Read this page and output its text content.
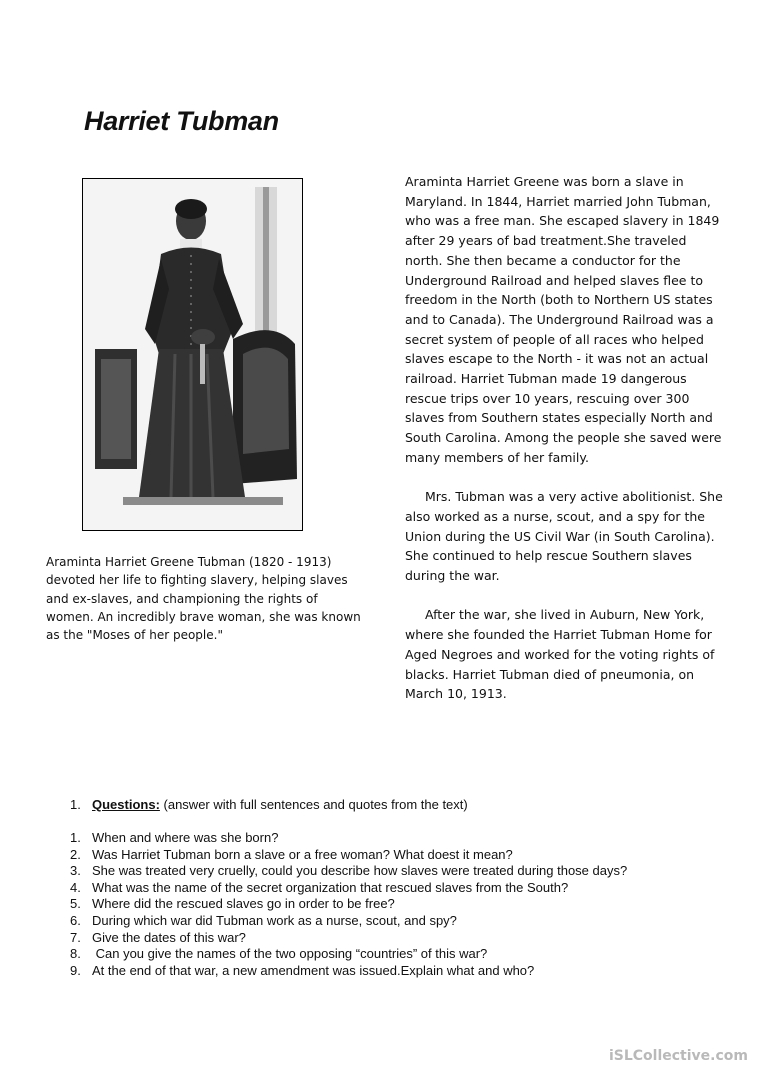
Harriet Tubman
Araminta Harriet Greene Tubman (1820 - 1913) devoted her life to fighting slavery, helping slaves and ex-slaves, and championing the rights of women. An incredibly brave woman, she was known as the "Moses of her people."

Araminta Harriet Greene was born a slave in Maryland. In 1844, Harriet married John Tubman, who was a free man. She escaped slavery in 1849 after 29 years of bad treatment.She traveled north. She then became a conductor for the Underground Railroad and helped slaves flee to freedom in the North (both to Northern US states and to Canada). The Underground Railroad was a secret system of people of all races who helped slaves escape to the North - it was not an actual railroad. Harriet Tubman made 19 dangerous rescue trips over 10 years, rescuing over 300 slaves from Southern states especially North and South Carolina. Among the people she saved were many members of her family.

Mrs. Tubman was a very active abolitionist. She also worked as a nurse, scout, and a spy for the Union during the US Civil War (in South Carolina). She continued to help rescue Southern slaves during the war.

After the war, she lived in Auburn, New York, where she founded the Harriet Tubman Home for Aged Negroes and worked for the voting rights of blacks. Harriet Tubman died of pneumonia, on March 10, 1913.

1. Questions: (answer with full sentences and quotes from the text)
1. When and where was she born?
2. Was Harriet Tubman born a slave or a free woman? What doest it mean?
3. She was treated very cruelly, could you describe how slaves were treated during those days?
4. What was the name of the secret organization that rescued slaves from the South?
5. Where did the rescued slaves go in order to be free?
6. During which war did Tubman work as a nurse, scout, and spy?
7. Give the dates of this war?
8. Can you give the names of the two opposing “countries” of this war?
9. At the end of that war, a new amendment was issued.Explain what and who?
iSLCollective.com
